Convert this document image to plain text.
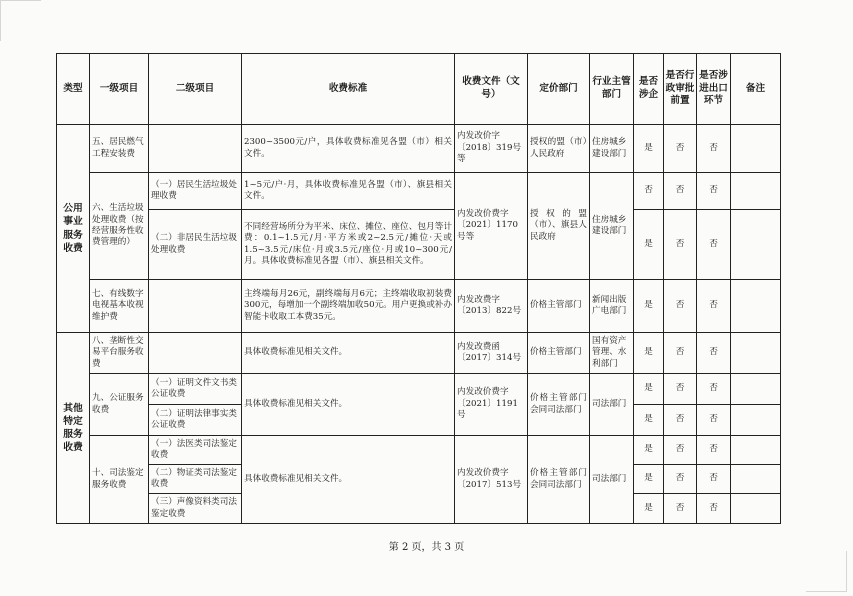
类型	一级项目	二级项目	收费标准	收费文件（文号）	定价部门	行业主管部门	是否涉企	是否行政审批前置	是否涉进出口环节	备注
公用事业服务收费	五、居民燃气工程安装费		2300~3500元/户，具体收费标准见各盟（市）相关文件。	内发改价字〔2018〕319号等	授权的盟（市）人民政府	住房城乡建设部门	是	否	否	
	六、生活垃圾处理收费（按经营服务性收费管理的）	（一）居民生活垃圾处理收费	1~5元/户·月，具体收费标准见各盟（市）、旗县相关文件。	内发改价费字〔2021〕1170号等	授权的盟（市）、旗县人民政府	住房城乡建设部门	否	否	否	
		（二）非居民生活垃圾处理收费	不同经营场所分为平米、床位、摊位、座位、包月等计费：0.1~1.5元/月·平方米或2~2.5元/摊位·天或1.5~3.5元/床位·月或3.5元/座位·月或10~300元/月。具体收费标准见各盟（市）、旗县相关文件。				是	否	否	
	七、有线数字电视基本收视维护费		主终端每月26元，副终端每月6元；主终端收取初装费300元，每增加一个副终端加收50元。用户更换或补办智能卡收取工本费35元。	内发改费字〔2013〕822号	价格主管部门	新闻出版广电部门	是	否	否	
其他特定服务收费	八、垄断性交易平台服务收费		具体收费标准见相关文件。	内发改费函〔2017〕314号	价格主管部门	国有资产管理、水利部门	是	否	否	
	九、公证服务收费	（一）证明文件文书类公证收费	具体收费标准见相关文件。	内发改价费字〔2021〕1191号	价格主管部门会同司法部门	司法部门	是	否	否	
		（二）证明法律事实类公证收费					是	否	否	
	十、司法鉴定服务收费	（一）法医类司法鉴定收费	具体收费标准见相关文件。	内发改价费字〔2017〕513号	价格主管部门会同司法部门	司法部门	是	否	否	
		（二）物证类司法鉴定收费					是	否	否	
		（三）声像资料类司法鉴定收费					是	否	否	
第 2 页，共 3 页
